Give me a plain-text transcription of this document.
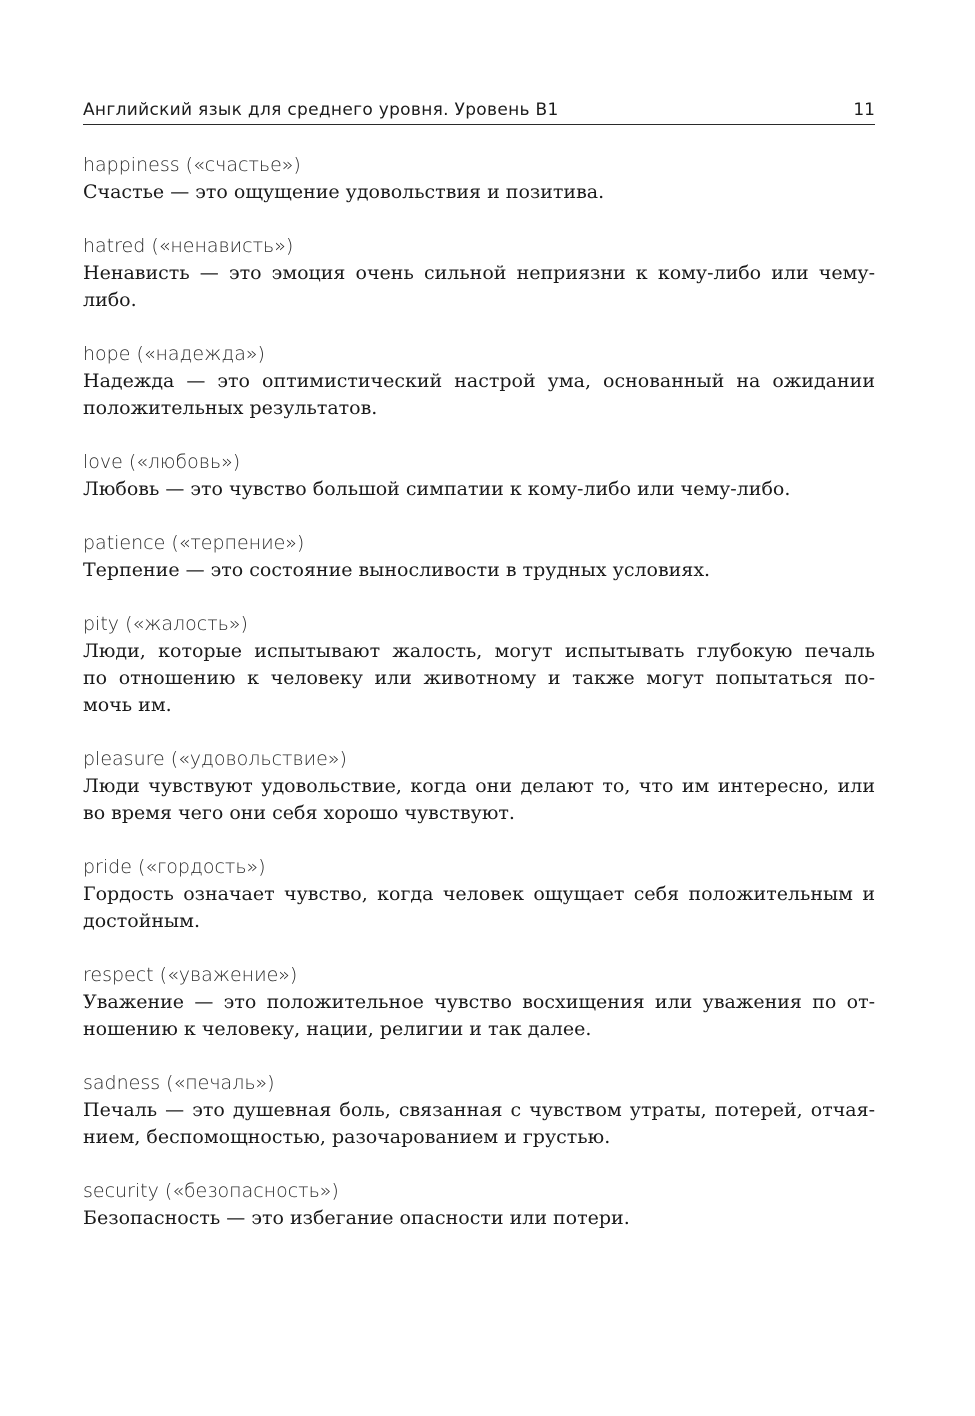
Английский язык для среднего уровня. Уровень B1	11
happiness («счастье»)

Счастье — это ощущение удовольствия и позитива.

hatred («ненависть»)

Ненависть — это эмоция очень сильной неприязни к кому-либо или чему-
либо.

hope («надежда»)

Надежда — это оптимистический настрой ума, основанный на ожидании
положительных результатов.

love («любовь»)

Любовь — это чувство большой симпатии к кому-либо или чему-либо.

patience («терпение»)

Терпение — это состояние выносливости в трудных условиях.

pity («жалость»)

Люди, которые испытывают жалость, могут испытывать глубокую печаль
по отношению к человеку или животному и также могут попытаться по-
мочь им.

pleasure («удовольствие»)

Люди чувствуют удовольствие, когда они делают то, что им интересно, или
во время чего они себя хорошо чувствуют.

pride («гордость»)

Гордость означает чувство, когда человек ощущает себя положительным и
достойным.

respect («уважение»)

Уважение — это положительное чувство восхищения или уважения по от-
ношению к человеку, нации, религии и так далее.

sadness («печаль»)

Печаль — это душевная боль, связанная с чувством утраты, потерей, отчая-
нием, беспомощностью, разочарованием и грустью.

security («безопасность»)

Безопасность — это избегание опасности или потери.
